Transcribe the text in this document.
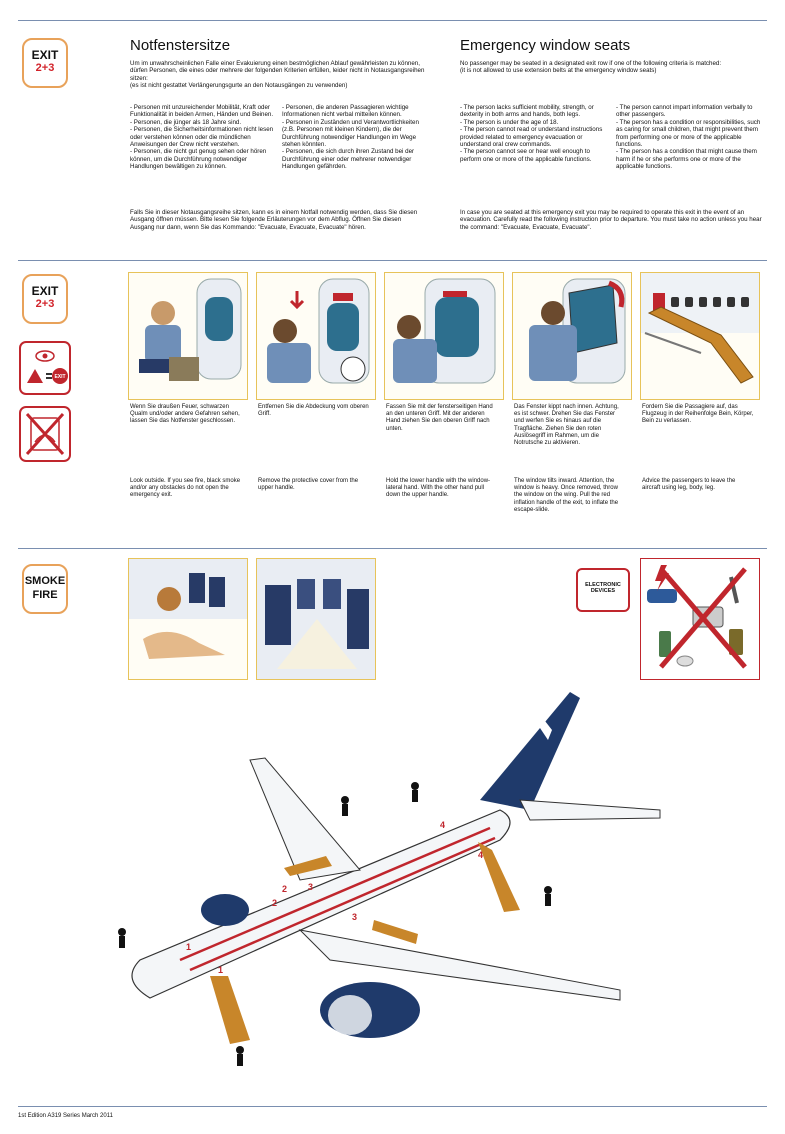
EXIT
2+3
Notfenstersitze
Um im unwahrscheinlichen Falle einer Evakuierung einen bestmöglichen Ablauf gewährleisten zu können, dürfen Personen, die eines oder mehrere der folgenden Kriterien erfüllen, leider nicht in Notausgangsreihen sitzen:
(es ist nicht gestattet Verlängerungsgurte an den Notausgängen zu verwenden)
- Personen mit unzureichender Mobilität, Kraft oder Funktionalität in beiden Armen, Händen und Beinen.
- Personen, die jünger als 18 Jahre sind.
- Personen, die Sicherheitsinformationen nicht lesen oder verstehen können oder die mündlichen Anweisungen der Crew nicht verstehen.
- Personen, die nicht gut genug sehen oder hören können, um die Durchführung notwendiger Handlungen bewältigen zu können.
- Personen, die anderen Passagieren wichtige Informationen nicht verbal mitteilen können.
- Personen in Zuständen und Verantwortlichkeiten (z.B. Personen mit kleinen Kindern), die der Durchführung notwendiger Handlungen im Wege stehen könnten.
- Personen, die sich durch ihren Zustand bei der Durchführung einer oder mehrerer notwendiger Handlungen gefährden.
Falls Sie in dieser Notausgangsreihe sitzen, kann es in einem Notfall notwendig werden, dass Sie diesen Ausgang öffnen müssen. Bitte lesen Sie folgende Erläuterungen vor dem Abflug. Öffnen Sie diesen Ausgang nur dann, wenn Sie das Kommando: "Evacuate, Evacuate, Evacuate" hören.
Emergency window seats
No passenger may be seated in a designated exit row if one of the following criteria is matched:
(it is not allowed to use extension belts at the emergency window seats)
- The person lacks sufficient mobility, strength, or dexterity in both arms and hands, both legs.
- The person is under the age of 18.
- The person cannot read or understand instructions provided related to emergency evacuation or understand oral crew commands.
- The person cannot see or hear well enough to perform one or more of the applicable functions.
- The person cannot impart information verbally to other passengers.
- The person has a condition or responsibilities, such as caring for small children, that might prevent them from performing one or more of the applicable functions.
- The person has a condition that might cause them harm if he or she performs one or more of the applicable functions.
In case you are seated at this emergency exit you may be required to operate this exit in the event of an evacuation. Carefully read the following instruction prior to departure. You must take no action unless you hear the command: "Evacuate, Evacuate, Evacuate".
EXIT
2+3
EXIT
Wenn Sie draußen Feuer, schwarzen Qualm und/oder andere Gefahren sehen, lassen Sie das Notfenster geschlossen.
Entfernen Sie die Abdeckung vom oberen Griff.
Fassen Sie mit der fensterseitigen Hand an den unteren Griff. Mit der anderen Hand ziehen Sie den oberen Griff nach unten.
Das Fenster kippt nach innen. Achtung, es ist schwer. Drehen Sie das Fenster und werfen Sie es hinaus auf die Tragfläche. Ziehen Sie den roten Auslösegriff im Rahmen, um die Notrutsche zu aktivieren.
Fordern Sie die Passagiere auf, das Flugzeug in der Reihenfolge Bein, Körper, Bein zu verlassen.
Look outside. If you see fire, black smoke and/or any obstacles do not open the emergency exit.
Remove the protective cover from the upper handle.
Hold the lower handle with the window-lateral hand. With the other hand pull down the upper handle.
The window tilts inward. Attention, the window is heavy. Once removed, throw the window on the wing. Pull the red inflation handle of the exit, to inflate the escape-slide.
Advice the passengers to leave the aircraft using leg, body, leg.
SMOKE
FIRE
ELECTRONIC DEVICES
1
1
2
2 3
3
4
4
1st Edition A319 Series March 2011
